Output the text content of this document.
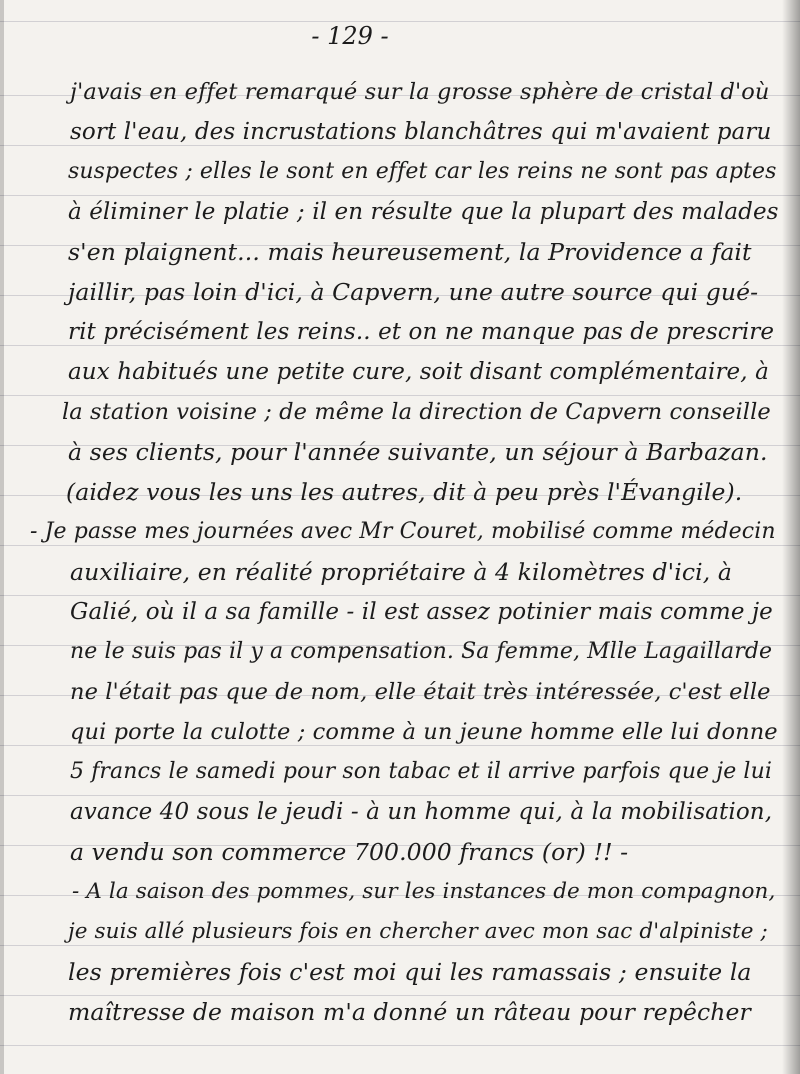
- 129 -
j'avais en effet remarqué sur la grosse sphère de cristal d'où
sort l'eau, des incrustations blanchâtres qui m'avaient paru
suspectes ; elles le sont en effet car les reins ne sont pas aptes
à éliminer le platie ; il en résulte que la plupart des malades
s'en plaignent... mais heureusement, la Providence a fait
jaillir, pas loin d'ici, à Capvern, une autre source qui gué-
rit précisément les reins.. et on ne manque pas de prescrire
aux habitués une petite cure, soit disant complémentaire, à
la station voisine ; de même la direction de Capvern conseille
à ses clients, pour l'année suivante, un séjour à Barbazan.
(aidez vous les uns les autres, dit à peu près l'Évangile).
- Je passe mes journées avec Mr Couret, mobilisé comme médecin
auxiliaire, en réalité propriétaire à 4 kilomètres d'ici, à
Galié, où il a sa famille - il est assez potinier mais comme je
ne le suis pas il y a compensation. Sa femme, Mlle Lagaillarde
ne l'était pas que de nom, elle était très intéressée, c'est elle
qui porte la culotte ; comme à un jeune homme elle lui donne
5 francs le samedi pour son tabac et il arrive parfois que je lui
avance 40 sous le jeudi - à un homme qui, à la mobilisation,
a vendu son commerce 700.000 francs (or) !! -
- A la saison des pommes, sur les instances de mon compagnon,
je suis allé plusieurs fois en chercher avec mon sac d'alpiniste ;
les premières fois c'est moi qui les ramassais ; ensuite la
maîtresse de maison m'a donné un râteau pour repêcher
